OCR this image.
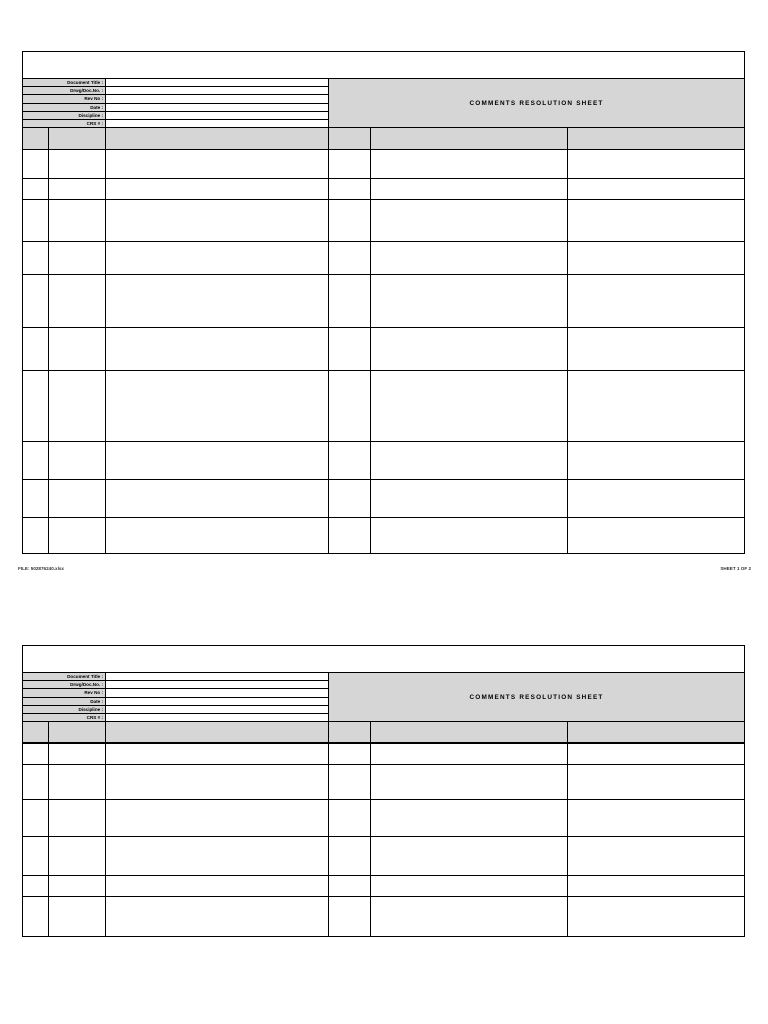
Document Title :
Drwg/Doc.No. :
Rev No :
Date :
Discipline :
CRS # :
COMMENTS RESOLUTION SHEET
FILE: 502876240.xlsx	SHEET 1 OF 2
Document Title :
Drwg/Doc.No. :
Rev No :
Date :
Discipline :
CRS # :
COMMENTS RESOLUTION SHEET
